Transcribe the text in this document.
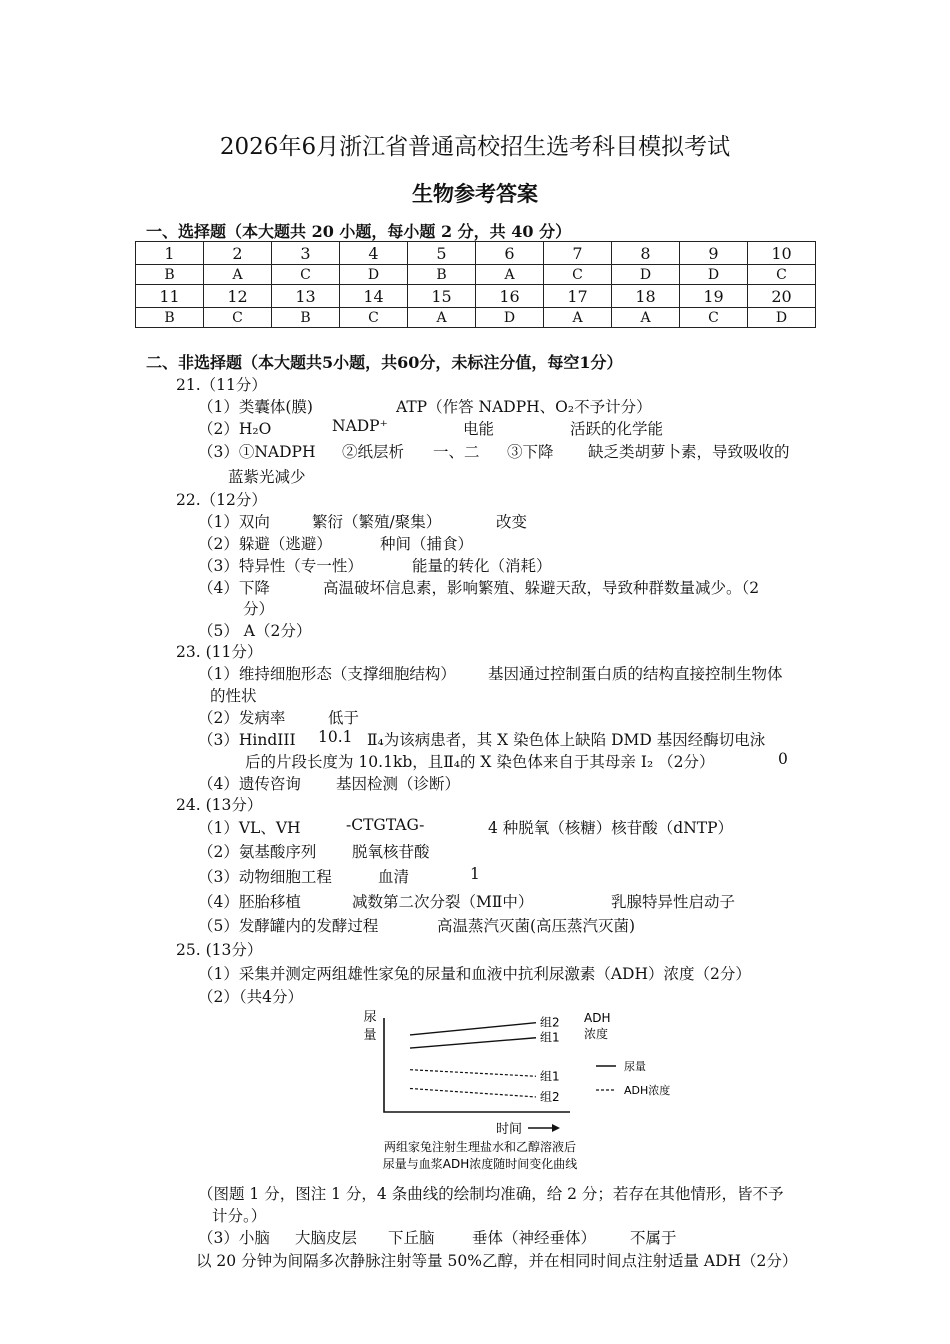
2026年6月浙江省普通高校招生选考科目模拟考试
生物参考答案
一、选择题（本大题共 20 小题，每小题 2 分，共 40 分）
1	2	3	4	5	6	7	8	9	10
B	A	C	D	B	A	C	D	D	C
11	12	13	14	15	16	17	18	19	20
B	C	B	C	A	D	A	A	C	D
二、非选择题（本大题共5小题，共60分，未标注分值，每空1分）
21.（11分）
（1）类囊体(膜)	ATP（作答 NADPH、O₂不予计分）
（2）H₂O	NADP⁺	电能	活跃的化学能
（3）①NADPH ②纸层析 一、二 ③下降 缺乏类胡萝卜素，导致吸收的
蓝紫光减少
22.（12分）
（1）双向	繁衍（繁殖/聚集）	改变
（2）躲避（逃避）	种间（捕食）
（3）特异性（专一性）	能量的转化（消耗）
（4）下降	高温破坏信息素，影响繁殖、躲避天敌，导致种群数量减少。（2
分）
（5） A（2分）
23. (11分）
（1）维持细胞形态（支撑细胞结构） 基因通过控制蛋白质的结构直接控制生物体
的性状
（2）发病率	低于
（3）HindIII 10.1 Ⅱ₄为该病患者，其 X 染色体上缺陷 DMD 基因经酶切电泳
后的片段长度为 10.1kb，且Ⅱ₄的 X 染色体来自于其母亲 I₂ （2分）	0
（4）遗传咨询 基因检测（诊断）
24. (13分）
（1）VL、VH	-CTGTAG-	4 种脱氧（核糖）核苷酸（dNTP）
（2）氨基酸序列 脱氧核苷酸
（3）动物细胞工程	血清	1
（4）胚胎移植	减数第二次分裂（MⅡ中）	乳腺特异性启动子
（5）发酵罐内的发酵过程	高温蒸汽灭菌(高压蒸汽灭菌)
25. (13分）
（1）采集并测定两组雄性家兔的尿量和血液中抗利尿激素（ADH）浓度（2分）
（2）（共4分）
尿
量
ADH
浓度
组2
组1
组1
组2
尿量
ADH浓度
时间
两组家兔注射生理盐水和乙醇溶液后
尿量与血浆ADH浓度随时间变化曲线
（图题 1 分，图注 1 分，4 条曲线的绘制均准确，给 2 分；若存在其他情形，皆不予
计分。）
（3）小脑 大脑皮层 下丘脑 垂体（神经垂体） 不属于
以 20 分钟为间隔多次静脉注射等量 50%乙醇，并在相同时间点注射适量 ADH（2分）
